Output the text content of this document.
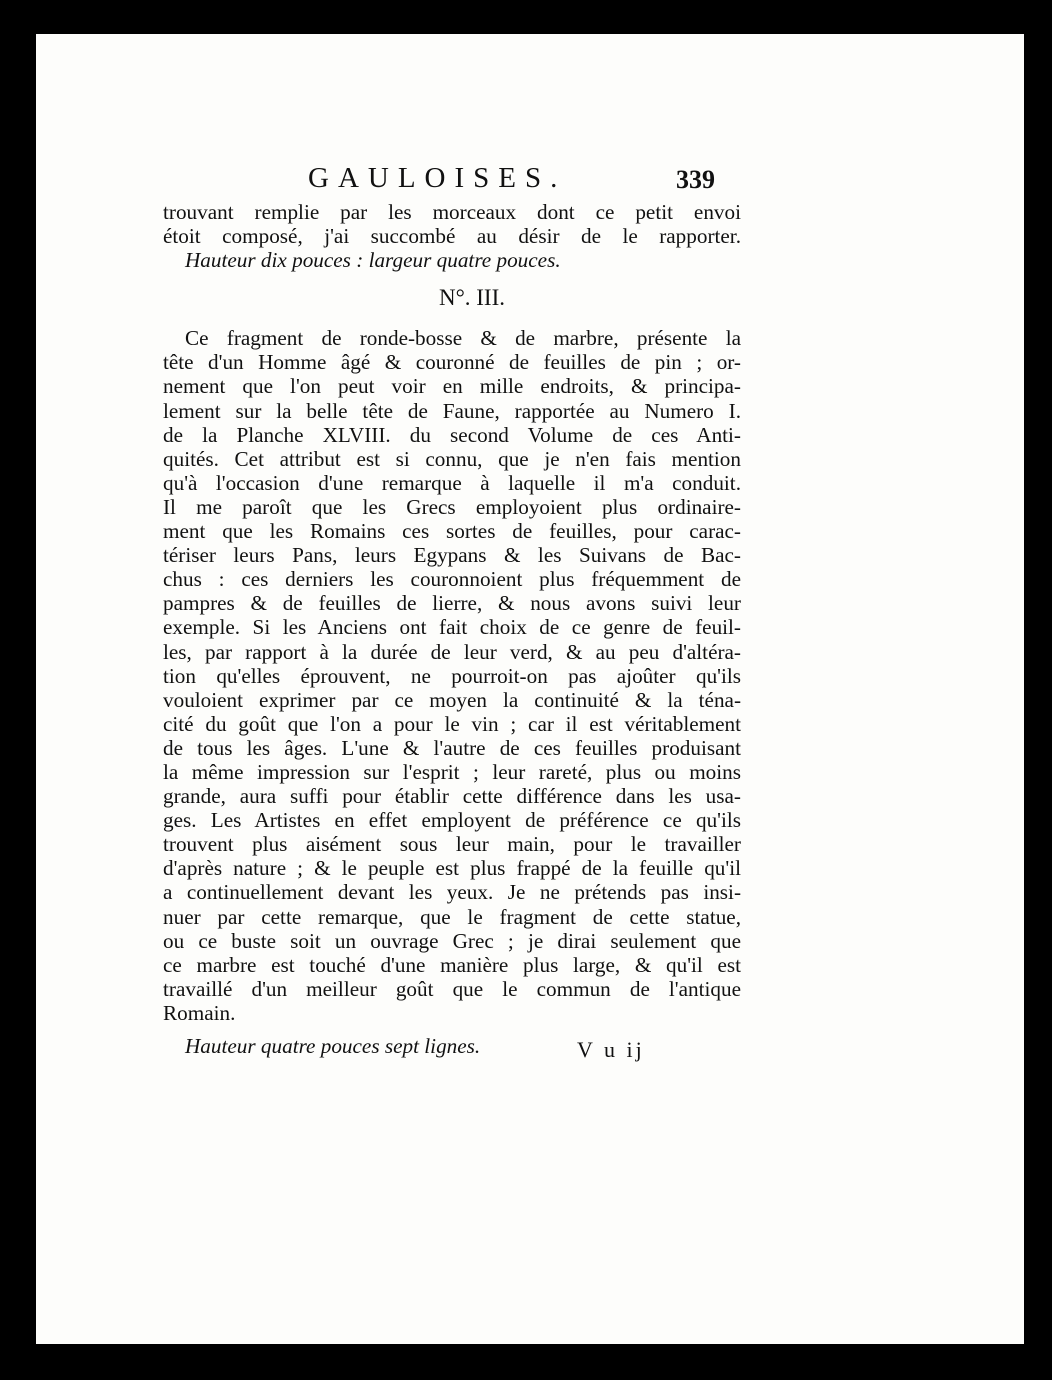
GAULOISES.	339
trouvant remplie par les morceaux dont ce petit envoi
étoit composé, j'ai succombé au désir de le rapporter.
Hauteur dix pouces : largeur quatre pouces.
N°. III.
Ce fragment de ronde-bosse & de marbre, présente la
tête d'un Homme âgé & couronné de feuilles de pin ; or-
nement que l'on peut voir en mille endroits, & principa-
lement sur la belle tête de Faune, rapportée au Numero I.
de la Planche XLVIII. du second Volume de ces Anti-
quités. Cet attribut est si connu, que je n'en fais mention
qu'à l'occasion d'une remarque à laquelle il m'a conduit.
Il me paroît que les Grecs employoient plus ordinaire-
ment que les Romains ces sortes de feuilles, pour carac-
tériser leurs Pans, leurs Egypans & les Suivans de Bac-
chus : ces derniers les couronnoient plus fréquemment de
pampres & de feuilles de lierre, & nous avons suivi leur
exemple. Si les Anciens ont fait choix de ce genre de feuil-
les, par rapport à la durée de leur verd, & au peu d'altéra-
tion qu'elles éprouvent, ne pourroit-on pas ajoûter qu'ils
vouloient exprimer par ce moyen la continuité & la téna-
cité du goût que l'on a pour le vin ; car il est véritablement
de tous les âges. L'une & l'autre de ces feuilles produisant
la même impression sur l'esprit ; leur rareté, plus ou moins
grande, aura suffi pour établir cette différence dans les usa-
ges. Les Artistes en effet employent de préférence ce qu'ils
trouvent plus aisément sous leur main, pour le travailler
d'après nature ; & le peuple est plus frappé de la feuille qu'il
a continuellement devant les yeux. Je ne prétends pas insi-
nuer par cette remarque, que le fragment de cette statue,
ou ce buste soit un ouvrage Grec ; je dirai seulement que
ce marbre est touché d'une manière plus large, & qu'il est
travaillé d'un meilleur goût que le commun de l'antique
Romain.
Hauteur quatre pouces sept lignes.	V u ij
